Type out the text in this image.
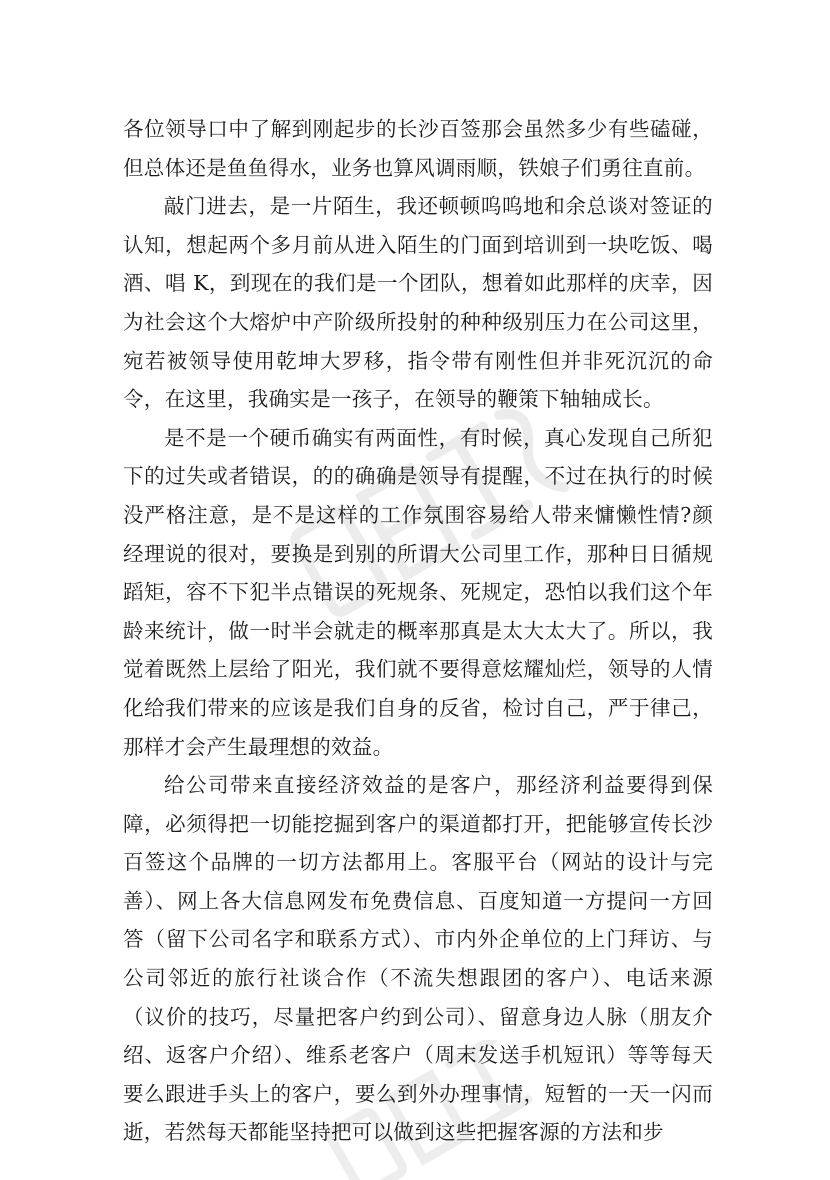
各位领导口中了解到刚起步的长沙百签那会虽然多少有些磕碰，但总体还是鱼鱼得水，业务也算风调雨顺，铁娘子们勇往直前。

敲门进去，是一片陌生，我还顿顿呜呜地和余总谈对签证的认知，想起两个多月前从进入陌生的门面到培训到一块吃饭、喝酒、唱 K，到现在的我们是一个团队，想着如此那样的庆幸，因为社会这个大熔炉中产阶级所投射的种种级别压力在公司这里，宛若被领导使用乾坤大罗移，指令带有刚性但并非死沉沉的命令，在这里，我确实是一孩子，在领导的鞭策下轴轴成长。

是不是一个硬币确实有两面性，有时候，真心发现自己所犯下的过失或者错误，的的确确是领导有提醒，不过在执行的时候没严格注意，是不是这样的工作氛围容易给人带来慵懒性情?颜经理说的很对，要换是到别的所谓大公司里工作，那种日日循规蹈矩，容不下犯半点错误的死规条、死规定，恐怕以我们这个年龄来统计，做一时半会就走的概率那真是太大太大了。所以，我觉着既然上层给了阳光，我们就不要得意炫耀灿烂，领导的人情化给我们带来的应该是我们自身的反省，检讨自己，严于律己，那样才会产生最理想的效益。

给公司带来直接经济效益的是客户，那经济利益要得到保障，必须得把一切能挖掘到客户的渠道都打开，把能够宣传长沙百签这个品牌的一切方法都用上。客服平台（网站的设计与完善）、网上各大信息网发布免费信息、百度知道一方提问一方回答（留下公司名字和联系方式）、市内外企单位的上门拜访、与公司邻近的旅行社谈合作（不流失想跟团的客户）、电话来源（议价的技巧，尽量把客户约到公司）、留意身边人脉（朋友介绍、返客户介绍）、维系老客户（周末发送手机短讯）等等每天要么跟进手头上的客户，要么到外办理事情，短暂的一天一闪而逝，若然每天都能坚持把可以做到这些把握客源的方法和步
